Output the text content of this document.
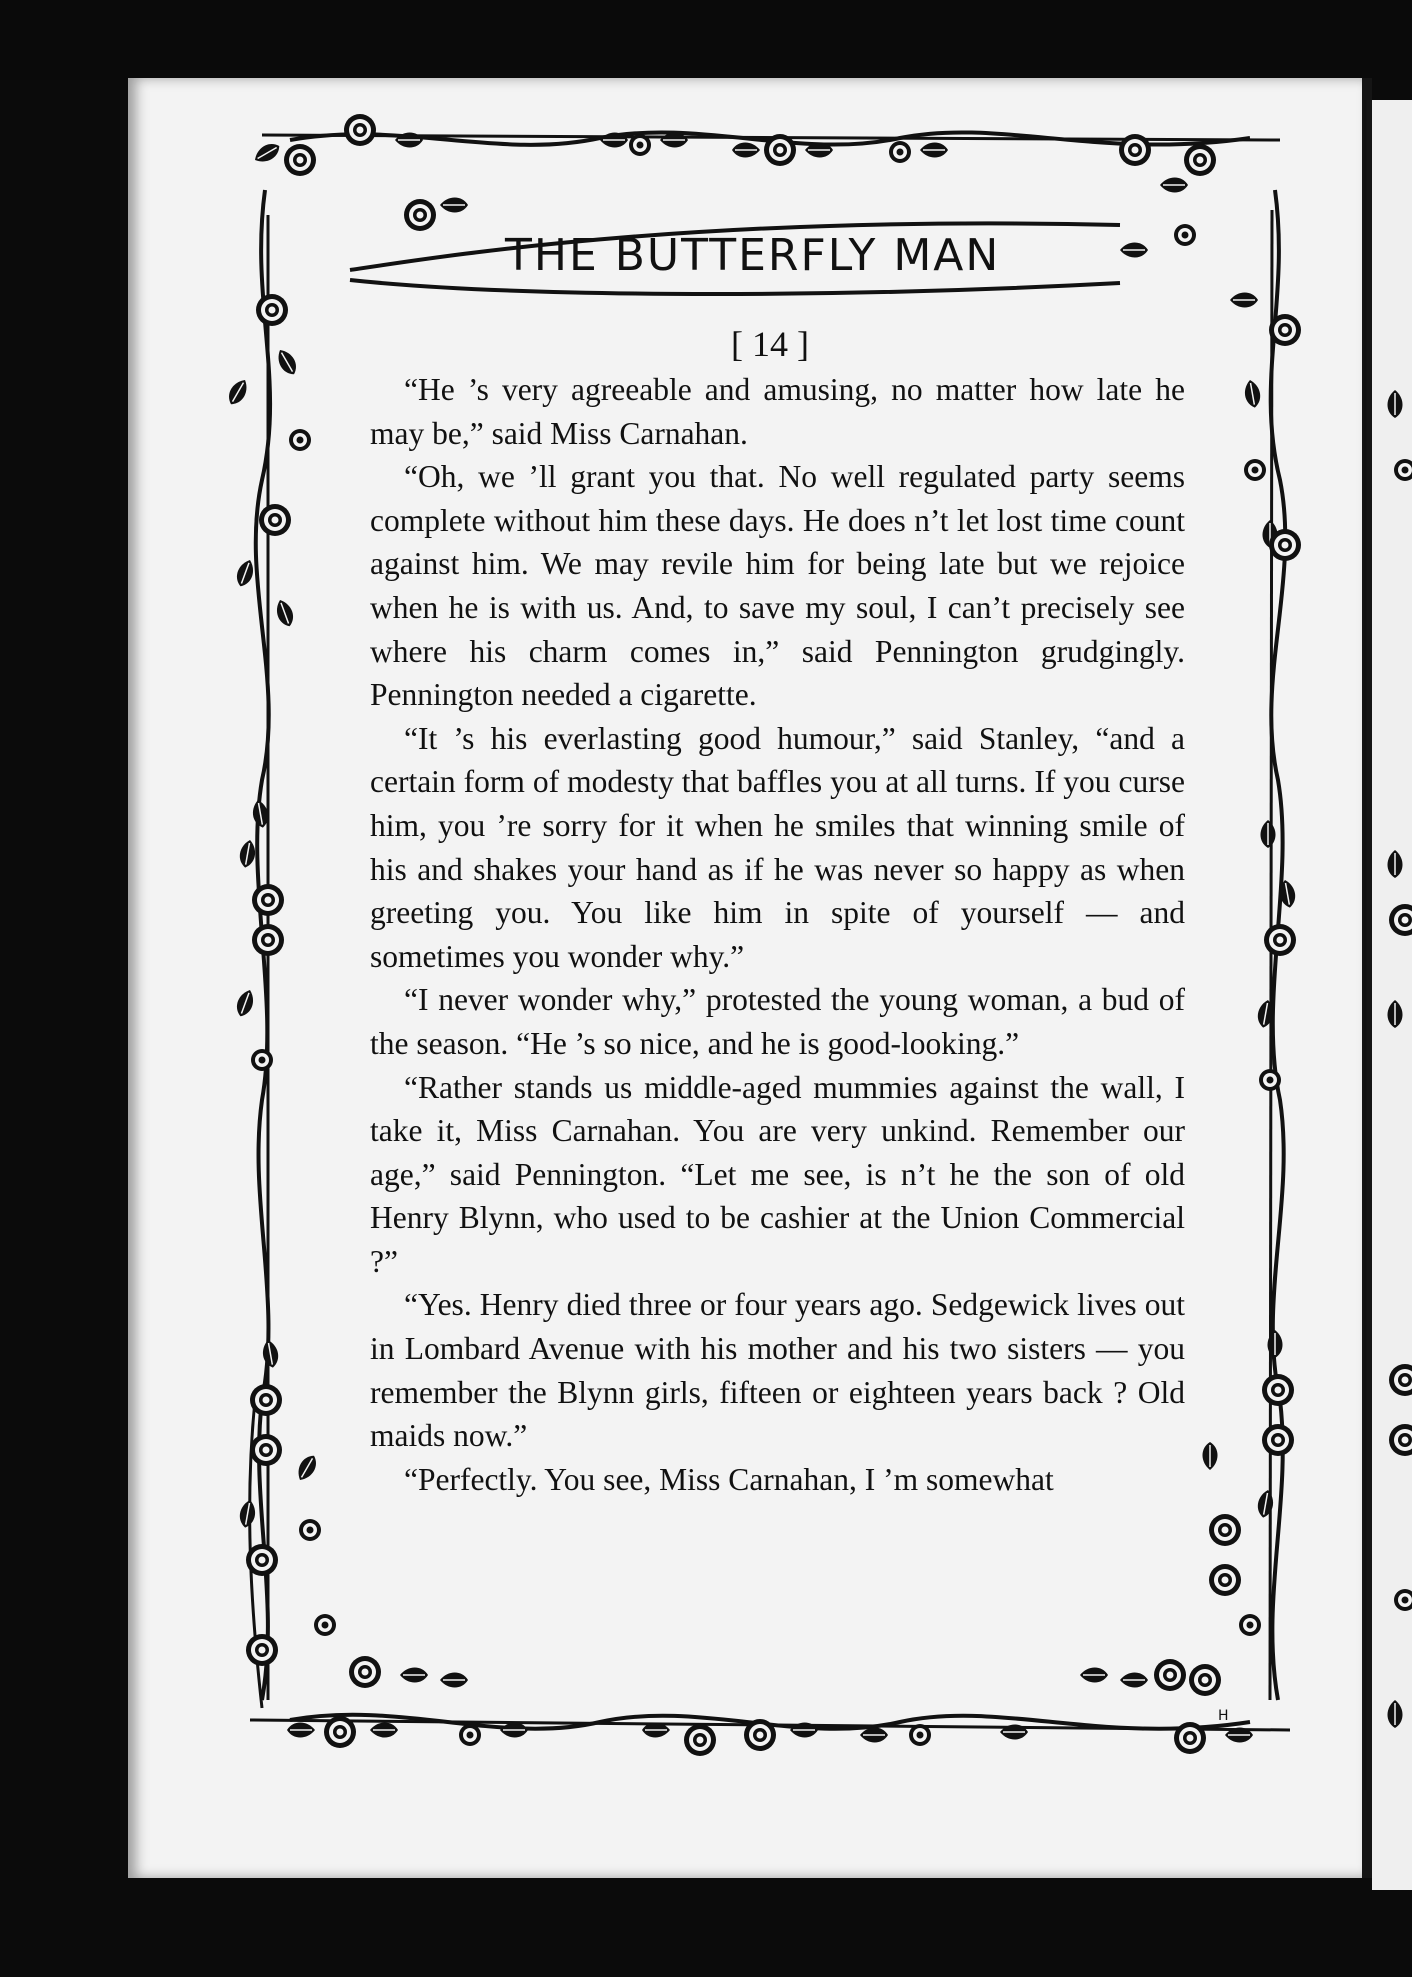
THE BUTTERFLY MAN
[ 14 ]

“He ’s very agreeable and amusing, no matter how late he may be,” said Miss Carnahan.

“Oh, we ’ll grant you that. No well regulated party seems complete without him these days. He does n’t let lost time count against him. We may revile him for being late but we rejoice when he is with us. And, to save my soul, I can’t precisely see where his charm comes in,” said Pennington grudgingly. Pennington needed a cigarette.

“It ’s his everlasting good humour,” said Stanley, “and a certain form of modesty that baffles you at all turns. If you curse him, you ’re sorry for it when he smiles that winning smile of his and shakes your hand as if he was never so happy as when greeting you. You like him in spite of yourself — and sometimes you wonder why.”

“I never wonder why,” protested the young woman, a bud of the season. “He ’s so nice, and he is good-looking.”

“Rather stands us middle-aged mummies against the wall, I take it, Miss Carnahan. You are very unkind. Remember our age,” said Pennington. “Let me see, is n’t he the son of old Henry Blynn, who used to be cashier at the Union Commercial ?”

“Yes. Henry died three or four years ago. Sedgewick lives out in Lombard Avenue with his mother and his two sisters — you remember the Blynn girls, fifteen or eighteen years back ? Old maids now.”

“Perfectly. You see, Miss Carnahan, I ’m somewhat

H
